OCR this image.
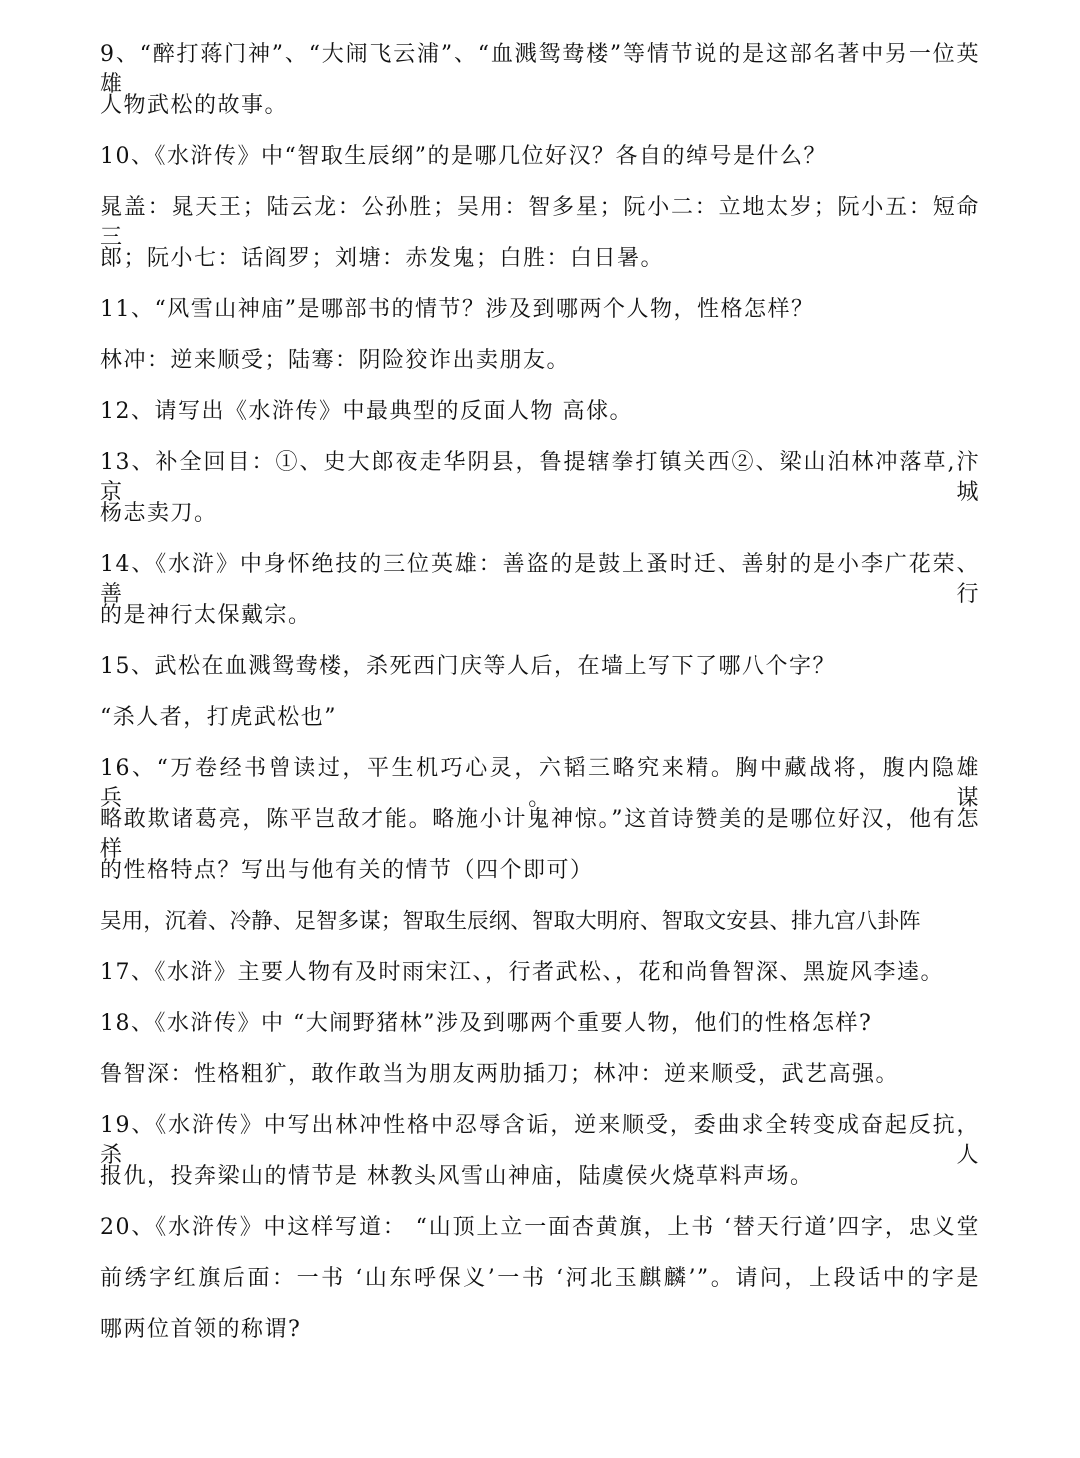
9、“醉打蒋门神”、“大闹飞云浦”、“血溅鸳鸯楼”等情节说的是这部名著中另一位英雄
人物武松的故事。
10、《水浒传》中“智取生辰纲”的是哪几位好汉？各自的绰号是什么？
晁盖：晁天王；陆云龙：公孙胜；吴用：智多星；阮小二：立地太岁；阮小五：短命三
郎；阮小七：话阎罗；刘塘：赤发鬼；白胜：白日暑。
11、“风雪山神庙”是哪部书的情节？涉及到哪两个人物，性格怎样？
林冲：逆来顺受；陆骞：阴险狡诈出卖朋友。
12、请写出《水浒传》中最典型的反面人物 高俅。
13、补全回目：①、史大郎夜走华阴县，鲁提辖拳打镇关西②、梁山泊林冲落草,汴京城
杨志卖刀。
14、《水浒》中身怀绝技的三位英雄：善盗的是鼓上蚤时迁、善射的是小李广花荣、善行
的是神行太保戴宗。
15、武松在血溅鸳鸯楼，杀死西门庆等人后，在墙上写下了哪八个字？
“杀人者，打虎武松也”
16、“万卷经书曾读过，平生机巧心灵，六韬三略究来精。胸中藏战将，腹内隐雄兵。谋
略敢欺诸葛亮，陈平岂敌才能。略施小计鬼神惊。”这首诗赞美的是哪位好汉，他有怎样
的性格特点？写出与他有关的情节（四个即可）
吴用，沉着、冷静、足智多谋；智取生辰纲、智取大明府、智取文安县、排九宫八卦阵
17、《水浒》主要人物有及时雨宋江、，行者武松、，花和尚鲁智深、黑旋风李逵。
18、《水浒传》中 “大闹野猪林”涉及到哪两个重要人物，他们的性格怎样?
鲁智深：性格粗犷，敢作敢当为朋友两肋插刀；林冲：逆来顺受，武艺高强。
19、《水浒传》中写出林冲性格中忍辱含诟，逆来顺受，委曲求全转变成奋起反抗，杀人
报仇，投奔梁山的情节是 林教头风雪山神庙，陆虞侯火烧草料声场。
20、《水浒传》中这样写道： “山顶上立一面杏黄旗，上书 ‘替天行道’四字，忠义堂
前绣字红旗后面：一书 ‘山东呼保义’一书 ‘河北玉麒麟’”。请问，上段话中的字是
哪两位首领的称谓?
